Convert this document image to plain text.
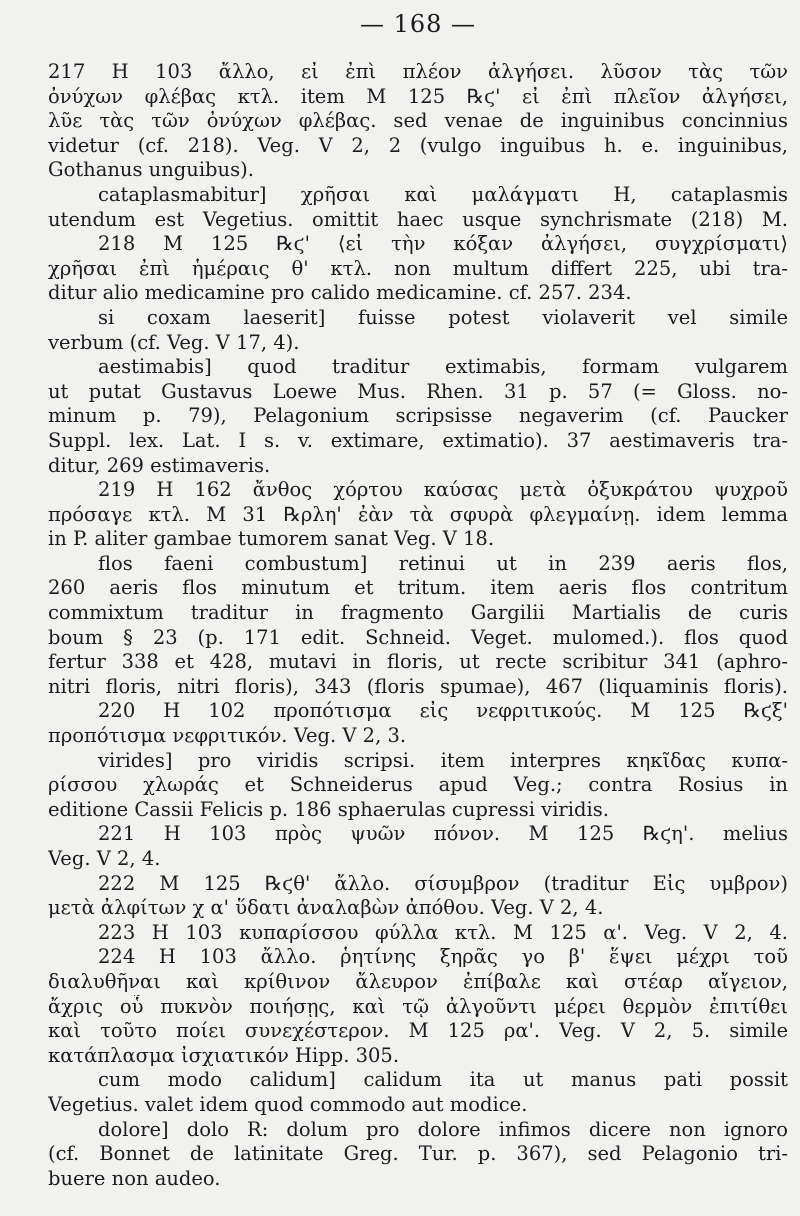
— 168 —
217 H 103 ἄλλο, εἰ ἐπὶ πλέον ἀλγήσει. λῦσον τὰς τῶν
ὀνύχων φλέβας κτλ. item M 125 ℞ϛ' εἰ ἐπὶ πλεῖον ἀλγήσει,
λῦε τὰς τῶν ὀνύχων φλέβας. sed venae de inguinibus concinnius
videtur (cf. 218). Veg. V 2, 2 (vulgo inguibus h. e. inguinibus,
Gothanus unguibus).
cataplasmabitur] χρῆσαι καὶ μαλάγματι H, cataplasmis
utendum est Vegetius. omittit haec usque synchrismate (218) M.
218 M 125 ℞ϛ' ⟨εἰ τὴν κόξαν ἀλγήσει, συγχρίσματι⟩
χρῆσαι ἐπὶ ἡμέραις θ' κτλ. non multum differt 225, ubi tra-
ditur alio medicamine pro calido medicamine. cf. 257. 234.
si coxam laeserit] fuisse potest violaverit vel simile
verbum (cf. Veg. V 17, 4).
aestimabis] quod traditur extimabis, formam vulgarem
ut putat Gustavus Loewe Mus. Rhen. 31 p. 57 (= Gloss. no-
minum p. 79), Pelagonium scripsisse negaverim (cf. Paucker
Suppl. lex. Lat. I s. v. extimare, extimatio). 37 aestimaveris tra-
ditur, 269 estimaveris.
219 H 162 ἄνθος χόρτου καύσας μετὰ ὀξυκράτου ψυχροῦ
πρόσαγε κτλ. M 31 ℞ρλη' ἐὰν τὰ σφυρὰ φλεγμαίνῃ. idem lemma
in P. aliter gambae tumorem sanat Veg. V 18.
flos faeni combustum] retinui ut in 239 aeris flos,
260 aeris flos minutum et tritum. item aeris flos contritum
commixtum traditur in fragmento Gargilii Martialis de curis
boum § 23 (p. 171 edit. Schneid. Veget. mulomed.). flos quod
fertur 338 et 428, mutavi in floris, ut recte scribitur 341 (aphro-
nitri floris, nitri floris), 343 (floris spumae), 467 (liquaminis floris).
220 H 102 προπότισμα εἰς νεφριτικούς. M 125 ℞ϛξ'
προπότισμα νεφριτικόν. Veg. V 2, 3.
virides] pro viridis scripsi. item interpres κηκῖδας κυπα-
ρίσσου χλωράς et Schneiderus apud Veg.; contra Rosius in
editione Cassii Felicis p. 186 sphaerulas cupressi viridis.
221 H 103 πρὸς ψυῶν πόνον. M 125 ℞ϛη'. melius
Veg. V 2, 4.
222 M 125 ℞ϛθ' ἄλλο. σίσυμβρον (traditur Εἰς υμβρον)
μετὰ ἀλφίτων χ α' ὕδατι ἀναλαβὼν ἀπόθου. Veg. V 2, 4.
223 H 103 κυπαρίσσου φύλλα κτλ. M 125 α'. Veg. V 2, 4.
224 H 103 ἄλλο. ῥητίνης ξηρᾶς γο β' ἕψει μέχρι τοῦ
διαλυθῆναι καὶ κρίθινον ἄλευρον ἐπίβαλε καὶ στέαρ αἴγειον,
ἄχρις οὗ πυκνὸν ποιήσῃς, καὶ τῷ ἀλγοῦντι μέρει θερμὸν ἐπιτίθει
καὶ τοῦτο ποίει συνεχέστερον. M 125 ρα'. Veg. V 2, 5. simile
κατάπλασμα ἰσχιατικόν Hipp. 305.
cum modo calidum] calidum ita ut manus pati possit
Vegetius. valet idem quod commodo aut modice.
dolore] dolo R: dolum pro dolore infimos dicere non ignoro
(cf. Bonnet de latinitate Greg. Tur. p. 367), sed Pelagonio tri-
buere non audeo.
